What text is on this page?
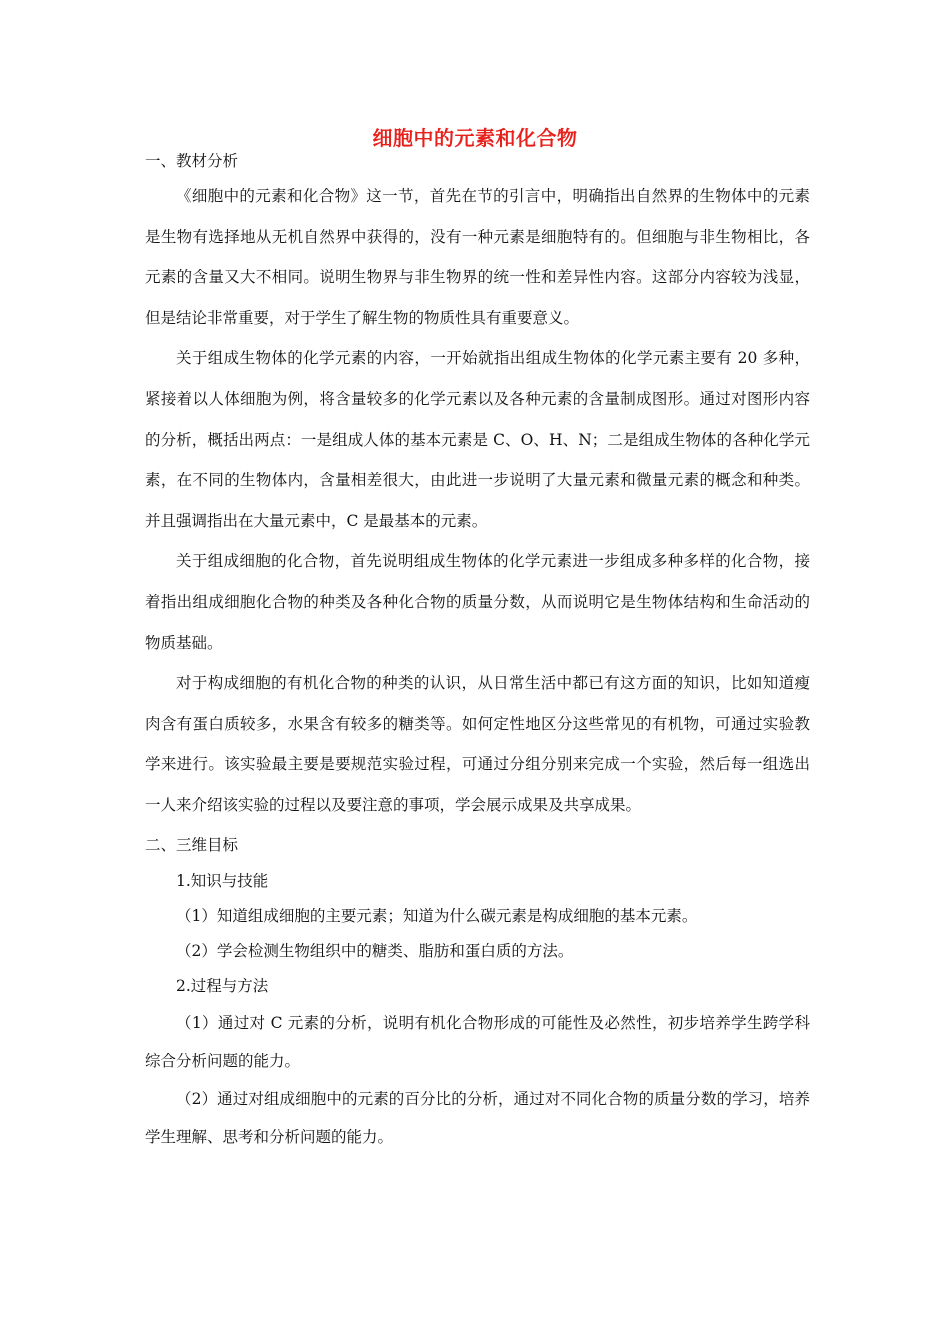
细胞中的元素和化合物

一、教材分析

《细胞中的元素和化合物》这一节，首先在节的引言中，明确指出自然界的生物体中的元素是生物有选择地从无机自然界中获得的，没有一种元素是细胞特有的。但细胞与非生物相比，各元素的含量又大不相同。说明生物界与非生物界的统一性和差异性内容。这部分内容较为浅显，但是结论非常重要，对于学生了解生物的物质性具有重要意义。

关于组成生物体的化学元素的内容，一开始就指出组成生物体的化学元素主要有 20 多种，紧接着以人体细胞为例，将含量较多的化学元素以及各种元素的含量制成图形。通过对图形内容的分析，概括出两点：一是组成人体的基本元素是 C、O、H、N；二是组成生物体的各种化学元素，在不同的生物体内，含量相差很大，由此进一步说明了大量元素和微量元素的概念和种类。并且强调指出在大量元素中，C 是最基本的元素。

关于组成细胞的化合物，首先说明组成生物体的化学元素进一步组成多种多样的化合物，接着指出组成细胞化合物的种类及各种化合物的质量分数，从而说明它是生物体结构和生命活动的物质基础。

对于构成细胞的有机化合物的种类的认识，从日常生活中都已有这方面的知识，比如知道瘦肉含有蛋白质较多，水果含有较多的糖类等。如何定性地区分这些常见的有机物，可通过实验教学来进行。该实验最主要是要规范实验过程，可通过分组分别来完成一个实验，然后每一组选出一人来介绍该实验的过程以及要注意的事项，学会展示成果及共享成果。

二、三维目标

1.知识与技能

（1）知道组成细胞的主要元素；知道为什么碳元素是构成细胞的基本元素。

（2）学会检测生物组织中的糖类、脂肪和蛋白质的方法。

2.过程与方法

（1）通过对 C 元素的分析，说明有机化合物形成的可能性及必然性，初步培养学生跨学科综合分析问题的能力。

（2）通过对组成细胞中的元素的百分比的分析，通过对不同化合物的质量分数的学习，培养学生理解、思考和分析问题的能力。
